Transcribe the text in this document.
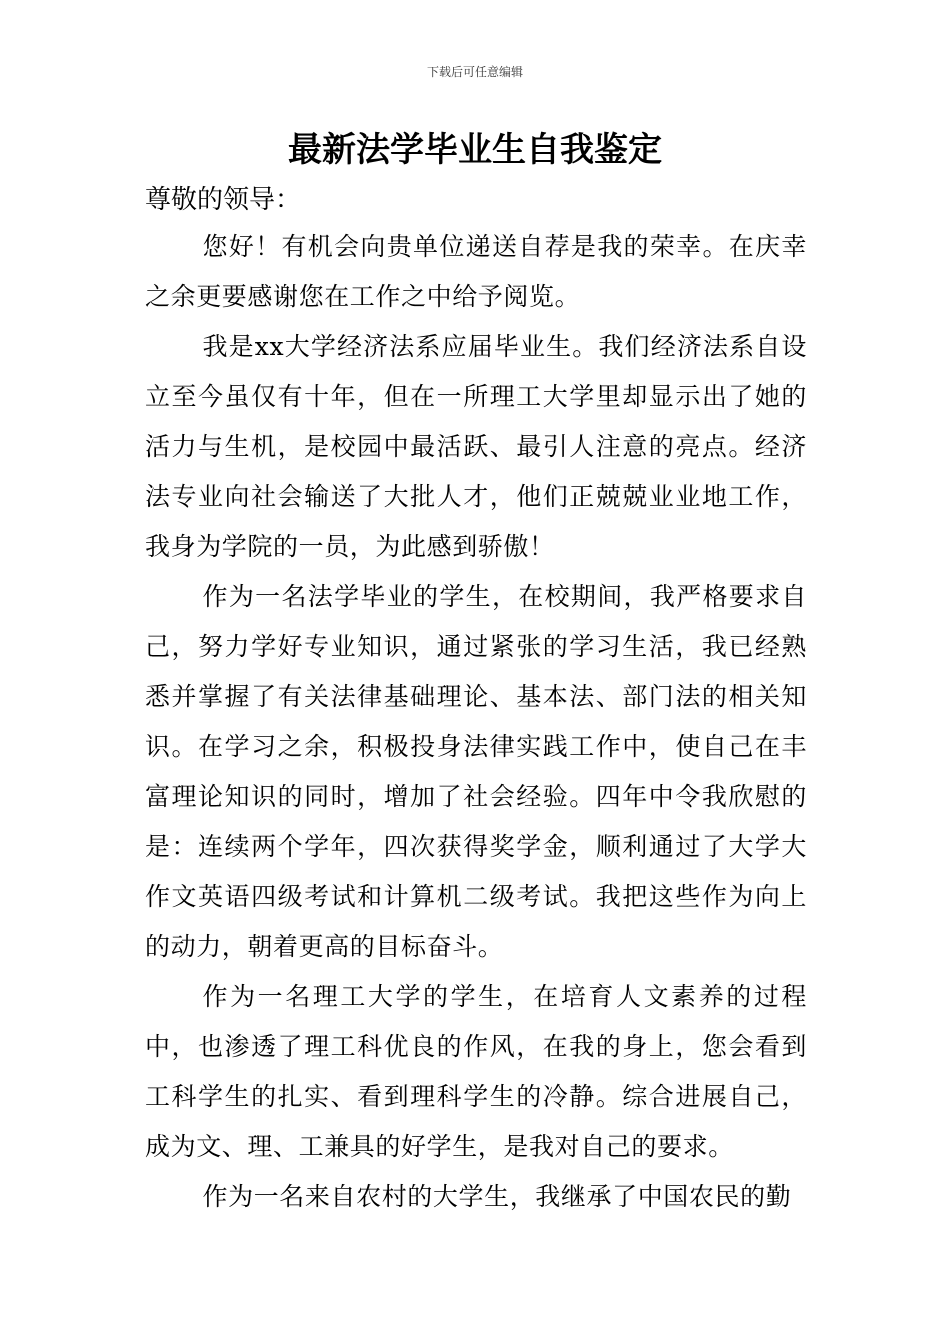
下载后可任意编辑
最新法学毕业生自我鉴定

尊敬的领导：

您好！有机会向贵单位递送自荐是我的荣幸。在庆幸之余更要感谢您在工作之中给予阅览。

我是xx大学经济法系应届毕业生。我们经济法系自设立至今虽仅有十年，但在一所理工大学里却显示出了她的活力与生机，是校园中最活跃、最引人注意的亮点。经济法专业向社会输送了大批人才，他们正兢兢业业地工作，我身为学院的一员，为此感到骄傲！

作为一名法学毕业的学生，在校期间，我严格要求自己，努力学好专业知识，通过紧张的学习生活，我已经熟悉并掌握了有关法律基础理论、基本法、部门法的相关知识。在学习之余，积极投身法律实践工作中，使自己在丰富理论知识的同时，增加了社会经验。四年中令我欣慰的是：连续两个学年，四次获得奖学金，顺利通过了大学大作文英语四级考试和计算机二级考试。我把这些作为向上的动力，朝着更高的目标奋斗。

作为一名理工大学的学生，在培育人文素养的过程中，也渗透了理工科优良的作风，在我的身上，您会看到工科学生的扎实、看到理科学生的冷静。综合进展自己，成为文、理、工兼具的好学生，是我对自己的要求。

作为一名来自农村的大学生，我继承了中国农民的勤
